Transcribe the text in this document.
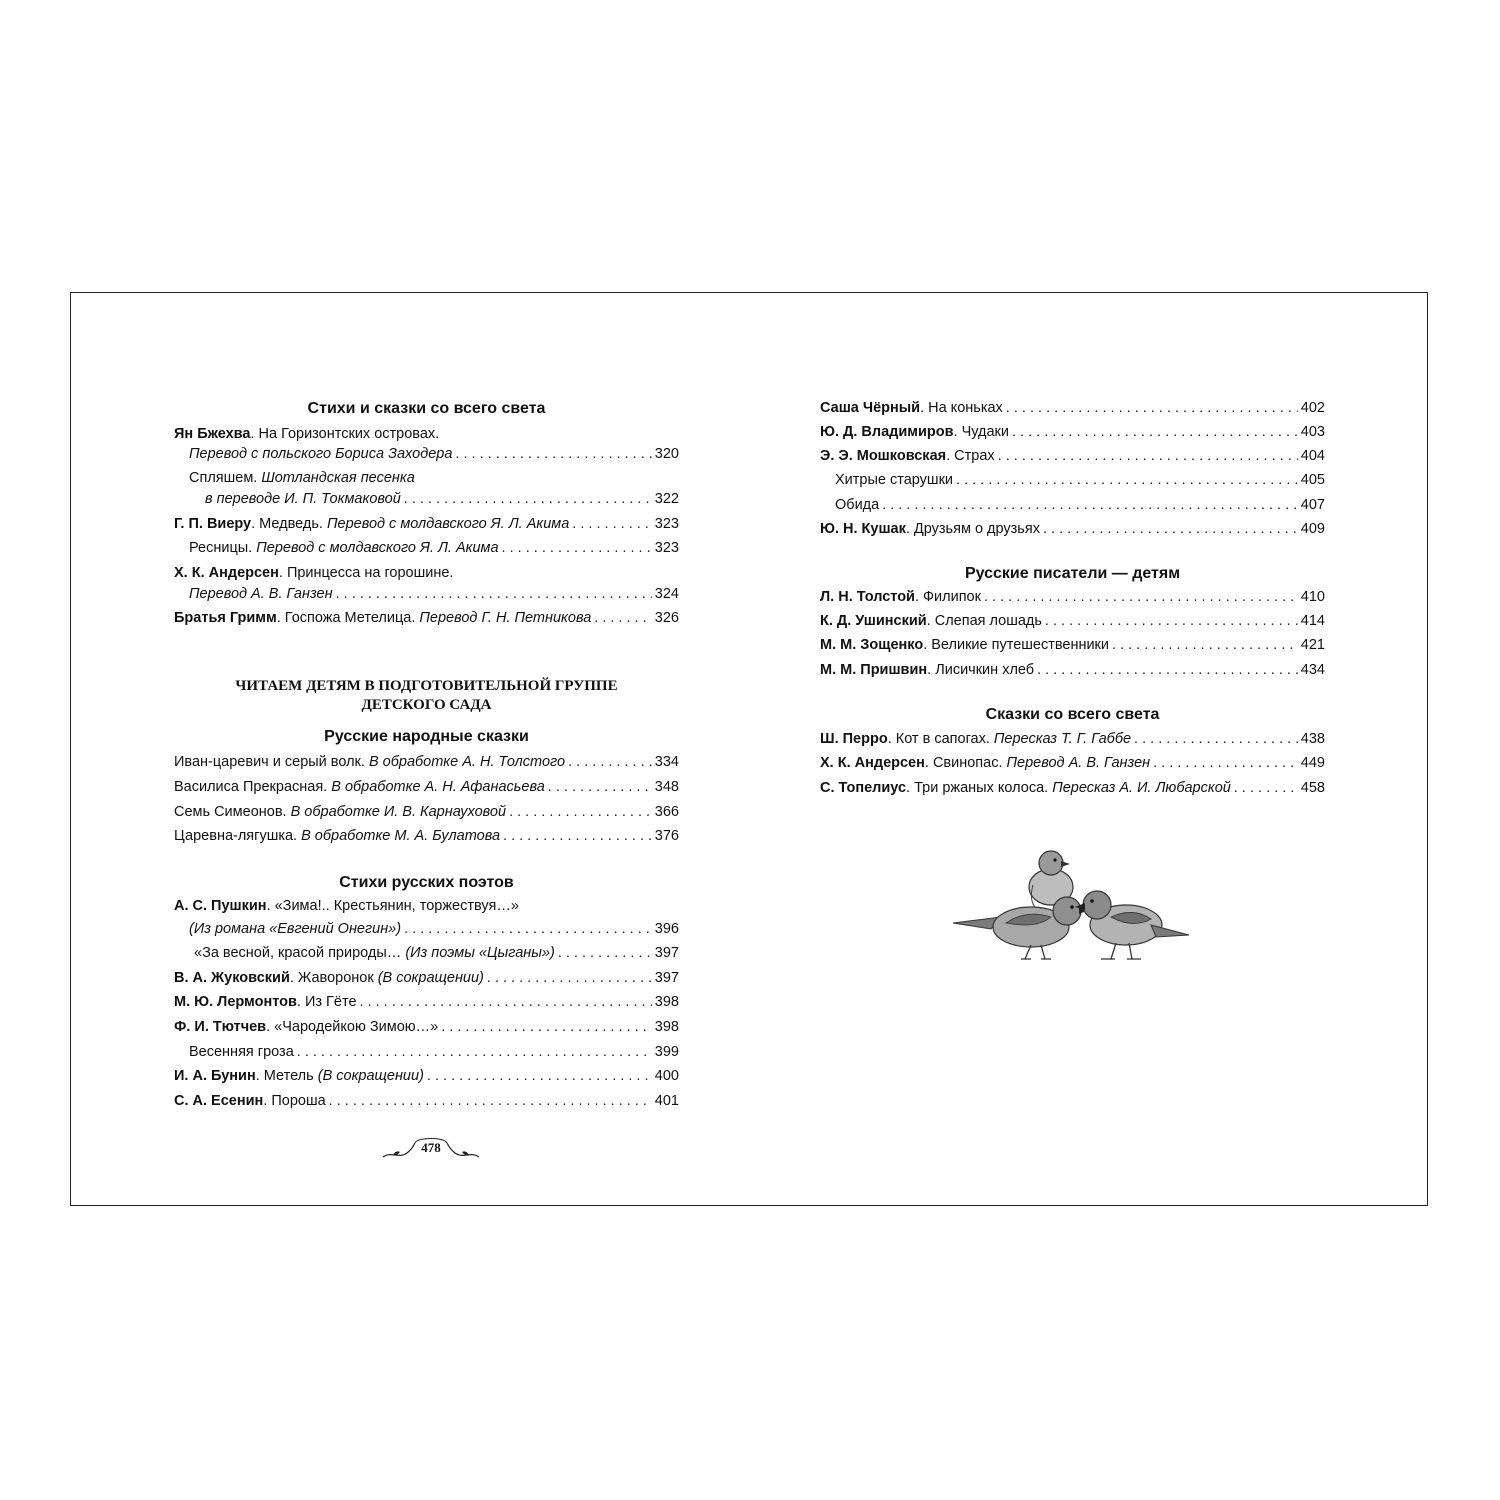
Стихи и сказки со всего света
Ян Бжехва. На Горизонтских островах.
Перевод с польского Бориса Заходера . . .	320
Спляшем. Шотландская песенка
в переводе И. П. Токмаковой . . .	322
Г. П. Виеру. Медведь. Перевод с молдавского Я. Л. Акима . . .	323
Ресницы. Перевод с молдавского Я. Л. Акима . . .	323
Х. К. Андерсен. Принцесса на горошине.
Перевод А. В. Ганзен . . .	324
Братья Гримм. Госпожа Метелица. Перевод Г. Н. Петникова . . .	326
ЧИТАЕМ ДЕТЯМ В ПОДГОТОВИТЕЛЬНОЙ ГРУППЕ
ДЕТСКОГО САДА
Русские народные сказки
Иван-царевич и серый волк. В обработке А. Н. Толстого . . .	334
Василиса Прекрасная. В обработке А. Н. Афанасьева . . .	348
Семь Симеонов. В обработке И. В. Карнауховой . . .	366
Царевна-лягушка. В обработке М. А. Булатова . . .	376
Стихи русских поэтов
А. С. Пушкин. «Зима!.. Крестьянин, торжествуя…»
(Из романа «Евгений Онегин») . . .	396
«За весной, красой природы… (Из поэмы «Цыганы») . . .	397
В. А. Жуковский. Жаворонок (В сокращении) . . .	397
М. Ю. Лермонтов. Из Гёте . . .	398
Ф. И. Тютчев. «Чародейкою Зимою…» . . .	398
Весенняя гроза . . .	399
И. А. Бунин. Метель (В сокращении) . . .	400
С. А. Есенин. Пороша . . .	401
478
Саша Чёрный. На коньках . . .	402
Ю. Д. Владимиров. Чудаки . . .	403
Э. Э. Мошковская. Страх . . .	404
Хитрые старушки . . .	405
Обида . . .	407
Ю. Н. Кушак. Друзьям о друзьях . . .	409
Русские писатели — детям
Л. Н. Толстой. Филипок . . .	410
К. Д. Ушинский. Слепая лошадь . . .	414
М. М. Зощенко. Великие путешественники . . .	421
М. М. Пришвин. Лисичкин хлеб . . .	434
Сказки со всего света
Ш. Перро. Кот в сапогах. Пересказ Т. Г. Габбе . . .	438
Х. К. Андерсен. Свинопас. Перевод А. В. Ганзен . . .	449
С. Топелиус. Три ржаных колоса. Пересказ А. И. Любарской . . .	458
